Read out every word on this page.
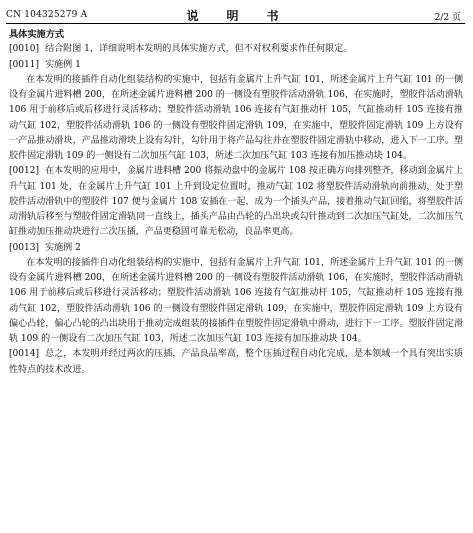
CN 104325279 A	说　明　书	2/2 页

具体实施方式

[0010] 结合附图 1，详细说明本发明的具体实施方式，但不对权利要求作任何限定。

[0011] 实施例 1

在本发明的接插件自动化组装结构的实施中，包括有金属片上升气缸 101，所述金属片上升气缸 101 的一侧设有金属片进料槽 200，在所述金属片进料槽 200 的一侧设有塑胶件活动滑轨 106，在实施时，塑胶件活动滑轨 106 用于前移后或后移进行灵活移动；塑胶件活动滑轨 106 连接有气缸推动杆 105，气缸推动杆 105 连接有推动气缸 102，塑胶件活动滑轨 106 的一侧设有塑胶件固定滑轨 109，在实施中，塑胶件固定滑轨 109 上方设有一产品推动滑块，产品推动滑块上设有勾针，勾针用于将产品勾往并在塑胶件固定滑轨中移动，进入下一工序。塑胶件固定滑轨 109 的一侧设有二次加压气缸 103，所述二次加压气缸 103 连接有加压推动块 104。

[0012] 在本发明的应用中，金属片进料槽 200 将振动盘中的金属片 108 按正确方向排列整齐，移动到金属片上升气缸 101 处，在金属片上升气缸 101 上升到设定位置时，推动气缸 102 将塑胶件活动滑轨向前推动，处于塑胶件活动滑轨中的塑胶件 107 便与金属片 108 安插在一起，成为一个插头产品，接着推动气缸回缩，将塑胶件活动滑轨后移至与塑胶件固定滑轨同一直线上，插头产品由凸轮的凸出块或勾针推动到二次加压气缸处，二次加压气缸推动加压推动块进行二次压插，产品更稳固可靠无松动，良品率更高。

[0013] 实施例 2

在本发明的接插件自动化组装结构的实施中，包括有金属片上升气缸 101，所述金属片上升气缸 101 的一侧设有金属片进料槽 200，在所述金属片进料槽 200 的一侧设有塑胶件活动滑轨 106，在实施时，塑胶件活动滑轨 106 用于前移后或后移进行灵活移动；塑胶件活动滑轨 106 连接有气缸推动杆 105，气缸推动杆 105 连接有推动气缸 102，塑胶件活动滑轨 106 的一侧设有塑胶件固定滑轨 109，在实施中，塑胶件固定滑轨 109 上方设有偏心凸轮，偏心凸轮的凸出块用于推动完成组装的接插件在塑胶件固定滑轨中滑动，进行下一工序。塑胶件固定滑轨 109 的一侧设有二次加压气缸 103，所述二次加压气缸 103 连接有加压推动块 104。

[0014] 总之，本发明并经过两次的压插，产品良品率高，整个压插过程自动化完成，是本领域一个具有突出实质性特点的技术改进。
